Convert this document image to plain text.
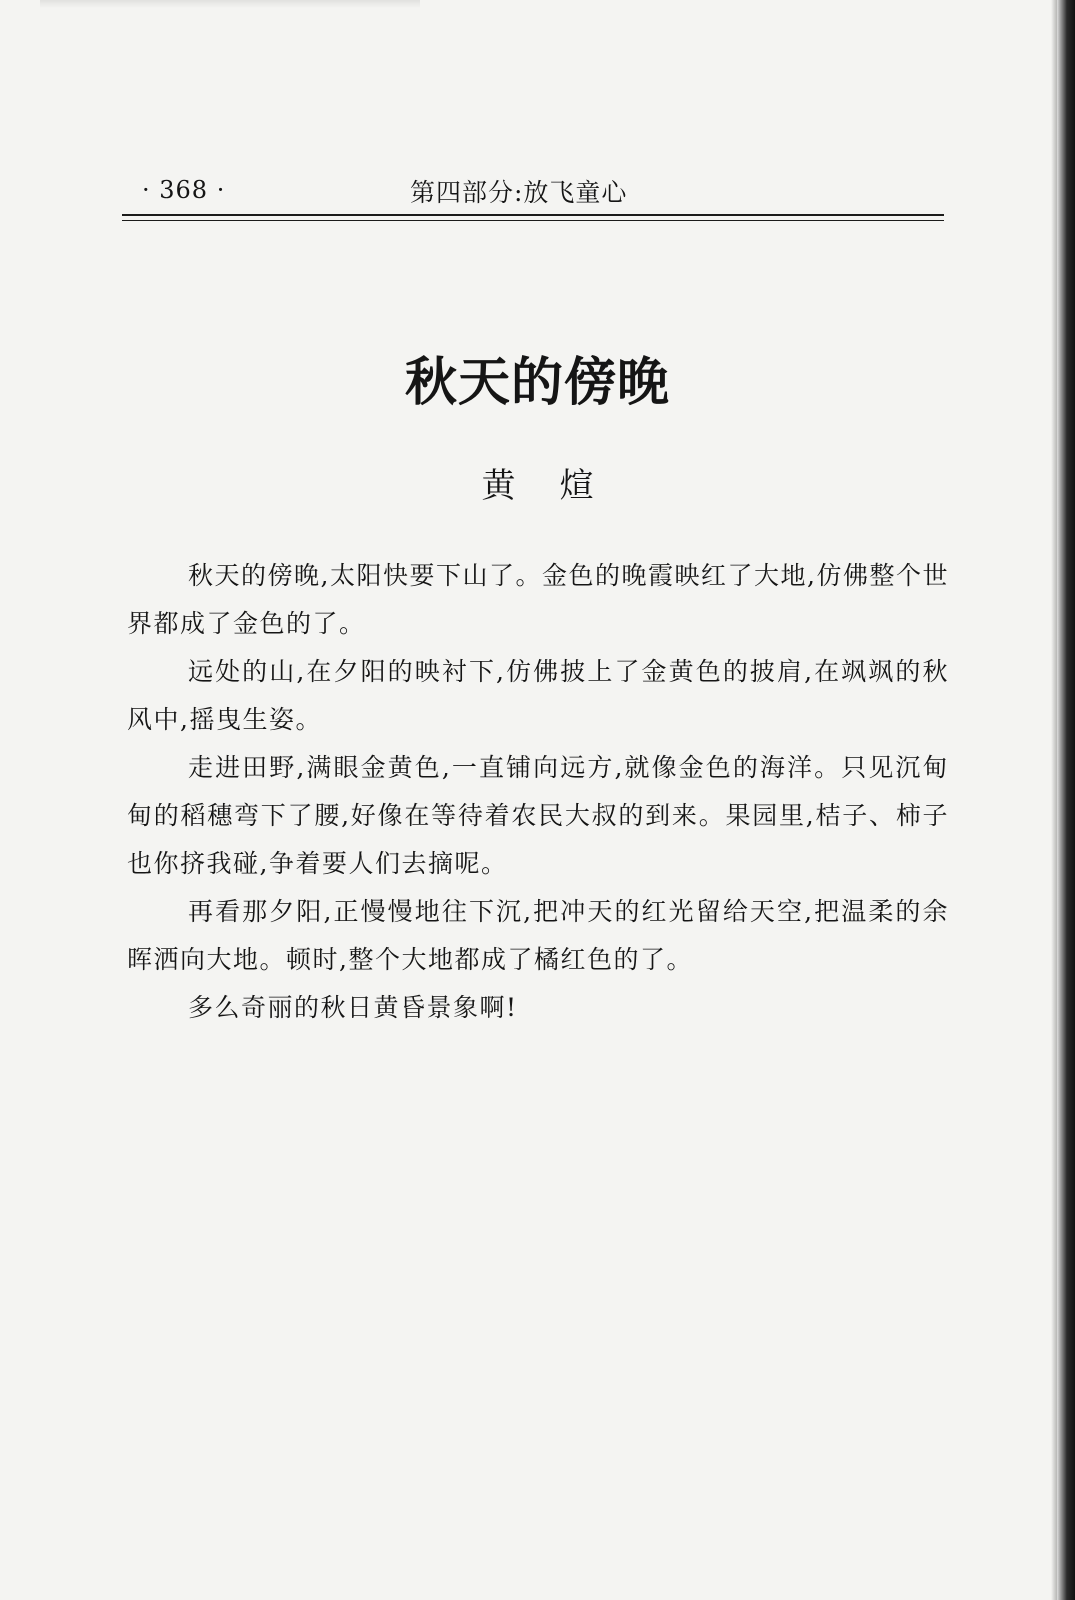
· 368 ·	第四部分:放飞童心
秋天的傍晚
黄煊

秋天的傍晚,太阳快要下山了。金色的晚霞映红了大地,仿佛整个世界都成了金色的了。

远处的山,在夕阳的映衬下,仿佛披上了金黄色的披肩,在飒飒的秋风中,摇曳生姿。

走进田野,满眼金黄色,一直铺向远方,就像金色的海洋。只见沉甸甸的稻穗弯下了腰,好像在等待着农民大叔的到来。果园里,桔子、柿子也你挤我碰,争着要人们去摘呢。

再看那夕阳,正慢慢地往下沉,把冲天的红光留给天空,把温柔的余晖洒向大地。顿时,整个大地都成了橘红色的了。

多么奇丽的秋日黄昏景象啊!
